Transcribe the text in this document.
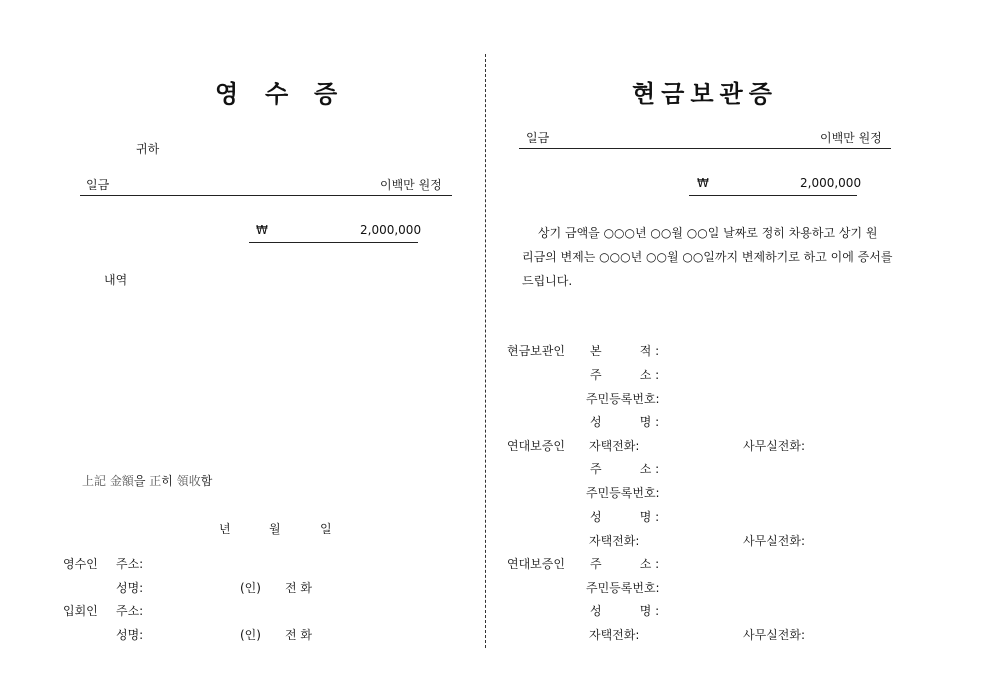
영 수 증
귀하
일금	이백만 원정
₩	2,000,000
내역
上記 金額을 正히 領收함
년	월	일
영수인 주소:
성명:	(인) 전 화
입회인 주소:
성명:	(인) 전 화
현금보관증
일금	이백만 원정
₩	2,000,000
상기 금액을 ○○○년 ○○월 ○○일 날짜로 정히 차용하고 상기 원
리금의 변제는 ○○○년 ○○월 ○○일까지 변제하기로 하고 이에 증서를
드립니다.
현금보관인 본          적 :
주          소 :
주민등록번호:
성          명 :
연대보증인 자택전화:	사무실전화:
주          소 :
주민등록번호:
성          명 :
자택전화:	사무실전화:
연대보증인 주          소 :
주민등록번호:
성          명 :
자택전화:	사무실전화:
